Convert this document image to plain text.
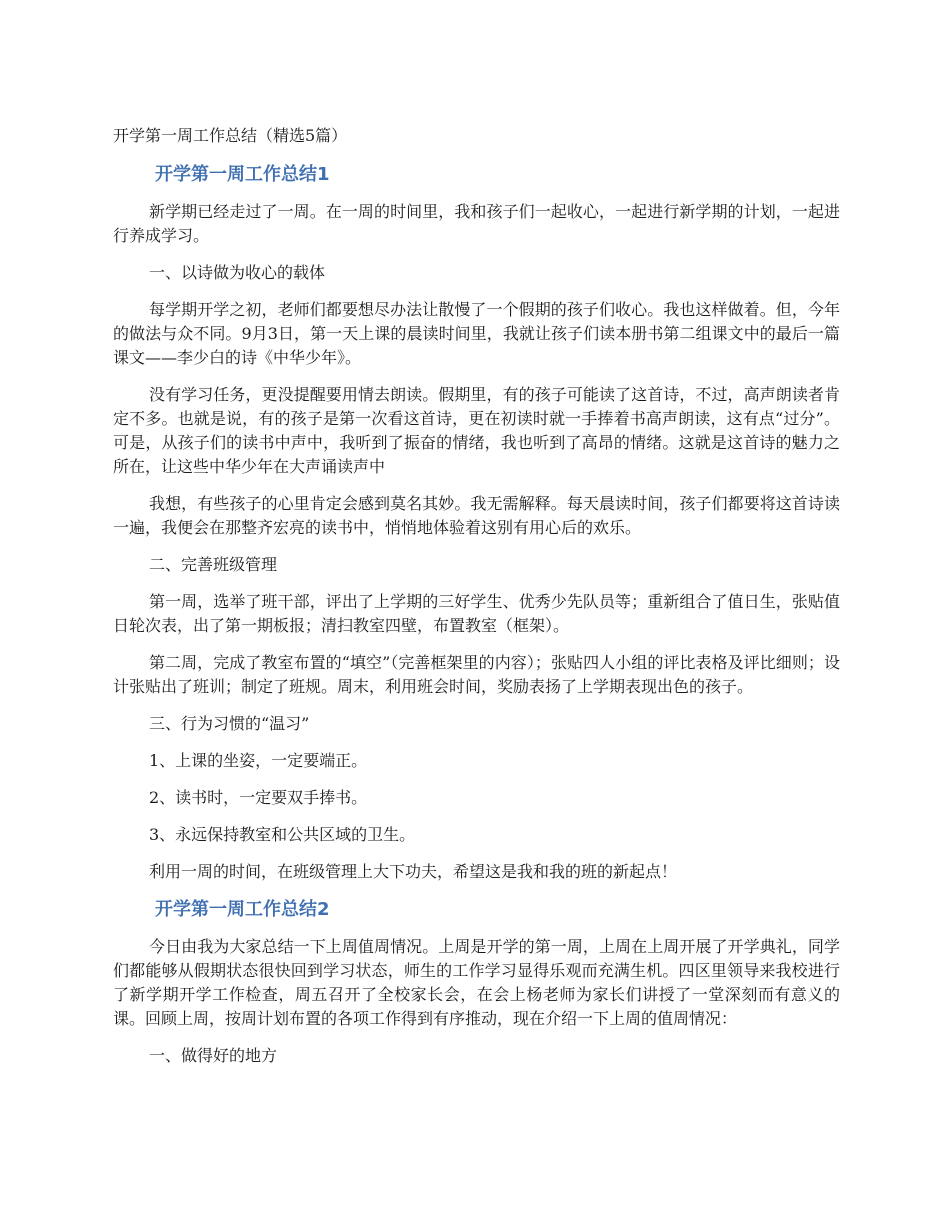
开学第一周工作总结（精选5篇）
开学第一周工作总结1

新学期已经走过了一周。在一周的时间里，我和孩子们一起收心，一起进行新学期的计划，一起进行养成学习。

一、以诗做为收心的载体

每学期开学之初，老师们都要想尽办法让散慢了一个假期的孩子们收心。我也这样做着。但，今年的做法与众不同。9月3日，第一天上课的晨读时间里，我就让孩子们读本册书第二组课文中的最后一篇课文——李少白的诗《中华少年》。

没有学习任务，更没提醒要用情去朗读。假期里，有的孩子可能读了这首诗，不过，高声朗读者肯定不多。也就是说，有的孩子是第一次看这首诗，更在初读时就一手捧着书高声朗读，这有点“过分”。可是，从孩子们的读书中声中，我听到了振奋的情绪，我也听到了高昂的情绪。这就是这首诗的魅力之所在，让这些中华少年在大声诵读声中

我想，有些孩子的心里肯定会感到莫名其妙。我无需解释。每天晨读时间，孩子们都要将这首诗读一遍，我便会在那整齐宏亮的读书中，悄悄地体验着这别有用心后的欢乐。

二、完善班级管理

第一周，选举了班干部，评出了上学期的三好学生、优秀少先队员等；重新组合了值日生，张贴值日轮次表，出了第一期板报；清扫教室四壁，布置教室（框架）。

第二周，完成了教室布置的“填空”（完善框架里的内容）；张贴四人小组的评比表格及评比细则；设计张贴出了班训；制定了班规。周末，利用班会时间，奖励表扬了上学期表现出色的孩子。

三、行为习惯的“温习”

1、上课的坐姿，一定要端正。

2、读书时，一定要双手捧书。

3、永远保持教室和公共区域的卫生。

利用一周的时间，在班级管理上大下功夫，希望这是我和我的班的新起点！

开学第一周工作总结2

今日由我为大家总结一下上周值周情况。上周是开学的第一周，上周在上周开展了开学典礼，同学们都能够从假期状态很快回到学习状态，师生的工作学习显得乐观而充满生机。四区里领导来我校进行了新学期开学工作检查，周五召开了全校家长会，在会上杨老师为家长们讲授了一堂深刻而有意义的课。回顾上周，按周计划布置的各项工作得到有序推动，现在介绍一下上周的值周情况：

一、做得好的地方
